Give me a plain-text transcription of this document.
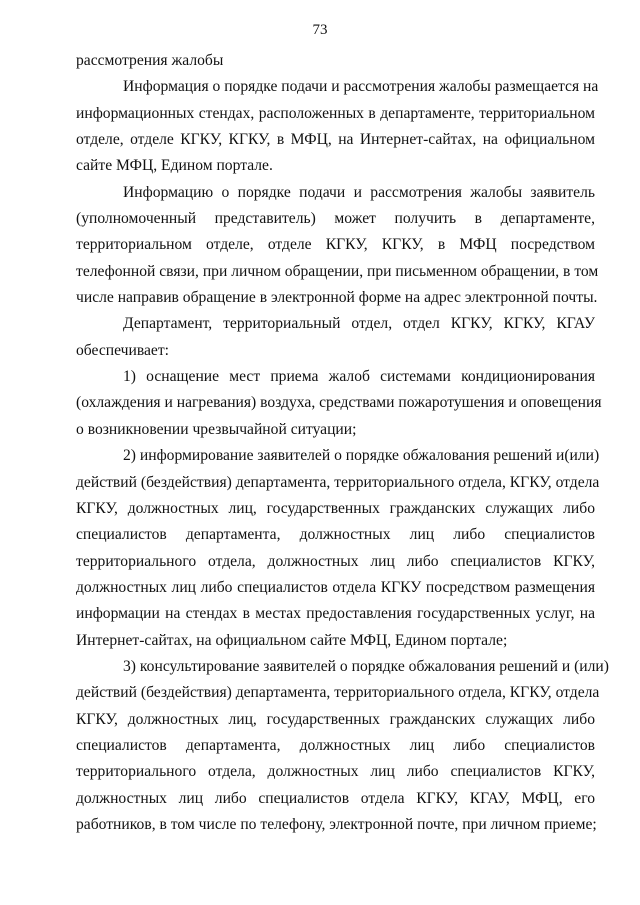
73
рассмотрения жалобы
Информация о порядке подачи и рассмотрения жалобы размещается на
информационных стендах, расположенных в департаменте, территориальном
отделе, отделе КГКУ, КГКУ, в МФЦ, на Интернет-сайтах, на официальном
сайте МФЦ, Едином портале.
Информацию о порядке подачи и рассмотрения жалобы заявитель
(уполномоченный представитель) может получить в департаменте,
территориальном отделе, отделе КГКУ, КГКУ, в МФЦ посредством
телефонной связи, при личном обращении, при письменном обращении, в том
числе направив обращение в электронной форме на адрес электронной почты.
Департамент, территориальный отдел, отдел КГКУ, КГКУ, КГАУ
обеспечивает:
1) оснащение мест приема жалоб системами кондиционирования
(охлаждения и нагревания) воздуха, средствами пожаротушения и оповещения
о возникновении чрезвычайной ситуации;
2) информирование заявителей о порядке обжалования решений и(или)
действий (бездействия) департамента, территориального отдела, КГКУ, отдела
КГКУ, должностных лиц, государственных гражданских служащих либо
специалистов департамента, должностных лиц либо специалистов
территориального отдела, должностных лиц либо специалистов КГКУ,
должностных лиц либо специалистов отдела КГКУ посредством размещения
информации на стендах в местах предоставления государственных услуг, на
Интернет-сайтах, на официальном сайте МФЦ, Едином портале;
3) консультирование заявителей о порядке обжалования решений и (или)
действий (бездействия) департамента, территориального отдела, КГКУ, отдела
КГКУ, должностных лиц, государственных гражданских служащих либо
специалистов департамента, должностных лиц либо специалистов
территориального отдела, должностных лиц либо специалистов КГКУ,
должностных лиц либо специалистов отдела КГКУ, КГАУ, МФЦ, его
работников, в том числе по телефону, электронной почте, при личном приеме;
